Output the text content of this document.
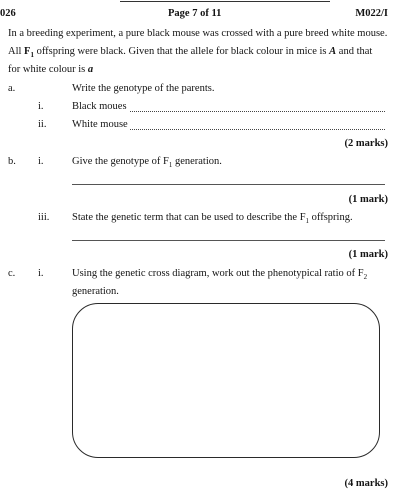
026	Page 7 of 11	M022/I
In a breeding experiment, a pure black mouse was crossed with a pure breed white mouse.
All $F_1$ offspring were black. Given that the allele for black colour in mice is A and that
for white colour is a
a.	Write the genotype of the parents.
i.	Black moues
ii. White mouse
(2 marks)
b. i.	Give the genotype of $F_1$ generation.
(1 mark)
iii. State the genetic term that can be used to describe the $F_1$ offspring.
(1 mark)
c. i.	Using the genetic cross diagram, work out the phenotypical ratio of $F_2$
generation.
(4 marks)
